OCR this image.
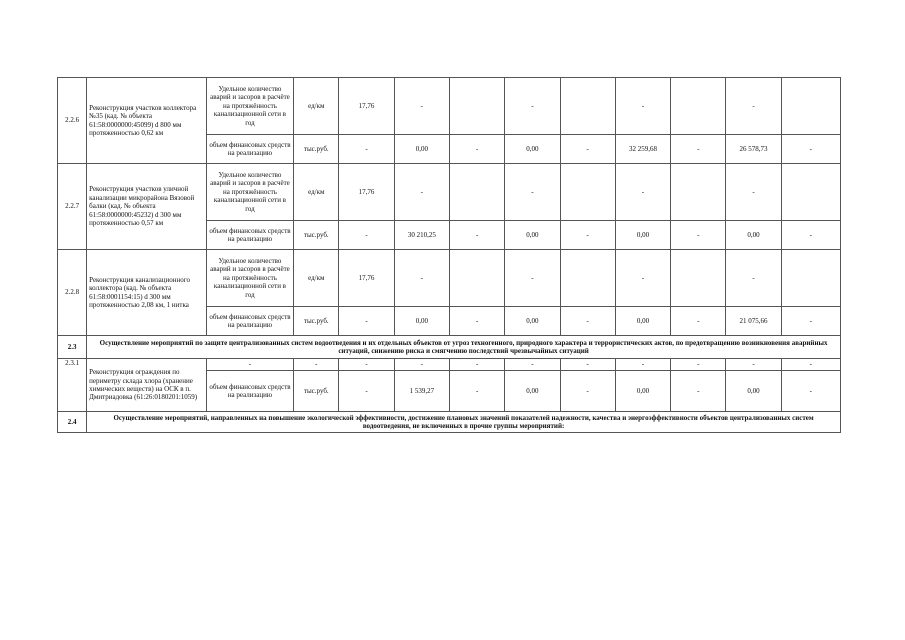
2.2.6	Реконструкция участков коллектора №35 (кад. № объекта 61:58:0000000:45099) d 800 мм протяженностью 0,62 км	Удельное количество аварий и засоров в расчёте на протяжённость канализационной сети в год	ед/км	17,76	-		-		-		-	
		объем финансовых средств на реализацию	тыс.руб.	-	0,00	-	0,00	-	32 259,68	-	26 578,73	-
2.2.7	Реконструкция участков уличной канализации микрорайона Вязовой балки (кад. № объекта 61:58:0000000:45232) d 300 мм протяженностью 0,57 км	Удельное количество аварий и засоров в расчёте на протяжённость канализационной сети в год	ед/км	17,76	-		-		-		-	
		объем финансовых средств на реализацию	тыс.руб.	-	30 210,25	-	0,00	-	0,00	-	0,00	-
2.2.8	Реконструкция канализационного коллектора (кад. № объекта 61:58:0001154:15) d 300 мм протяженностью 2,08 км, 1 нитка	Удельное количество аварий и засоров в расчёте на протяжённость канализационной сети в год	ед/км	17,76	-		-		-		-	
		объем финансовых средств на реализацию	тыс.руб.	-	0,00	-	0,00	-	0,00	-	21 075,66	-
2.3	Осуществление мероприятий по защите централизованных систем водоотведения и их отдельных объектов от угроз техногенного, природного характера и террористических актов, по предотвращению возникновения аварийных ситуаций, снижению риска и смягчению последствий чрезвычайных ситуаций											
2.3.1	Реконструкция ограждения по периметру склада хлора (хранение химических веществ) на ОСК в п. Дмитриадовка (61:26:0180201:1059)	-	-	-	-	-	-	-	-	-	-	-
		объем финансовых средств на реализацию	тыс.руб.	-	1 539,27	-	0,00	-	0,00	-	0,00	-
2.4	Осуществление мероприятий, направленных на повышение экологической эффективности, достижение плановых значений показателей надежности, качества и энергоэффективности объектов централизованных систем водоотведения, не включенных в прочие группы мероприятий:											
